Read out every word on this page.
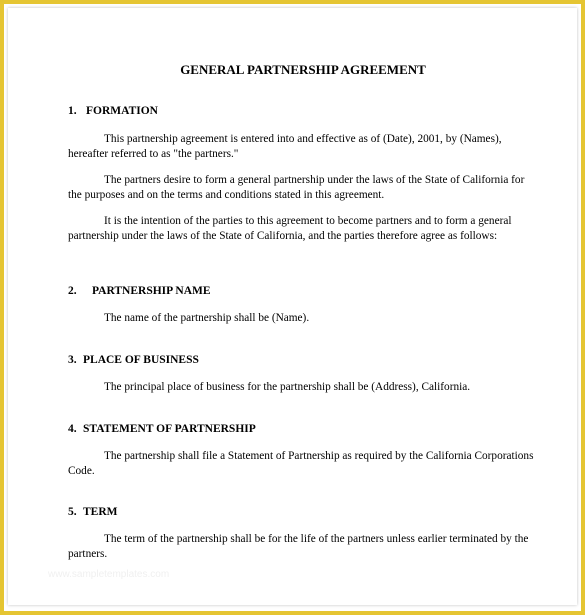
GENERAL PARTNERSHIP AGREEMENT
1. FORMATION

This partnership agreement is entered into and effective as of (Date), 2001, by (Names), hereafter referred to as "the partners."

The partners desire to form a general partnership under the laws of the State of California for the purposes and on the terms and conditions stated in this agreement.

It is the intention of the parties to this agreement to become partners and to form a general partnership under the laws of the State of California, and the parties therefore agree as follows:

2. PARTNERSHIP NAME

The name of the partnership shall be (Name).

3. PLACE OF BUSINESS

The principal place of business for the partnership shall be (Address), California.

4. STATEMENT OF PARTNERSHIP

The partnership shall file a Statement of Partnership as required by the California Corporations Code.

5. TERM

The term of the partnership shall be for the life of the partners unless earlier terminated by the partners.

www.sampletemplates.com
